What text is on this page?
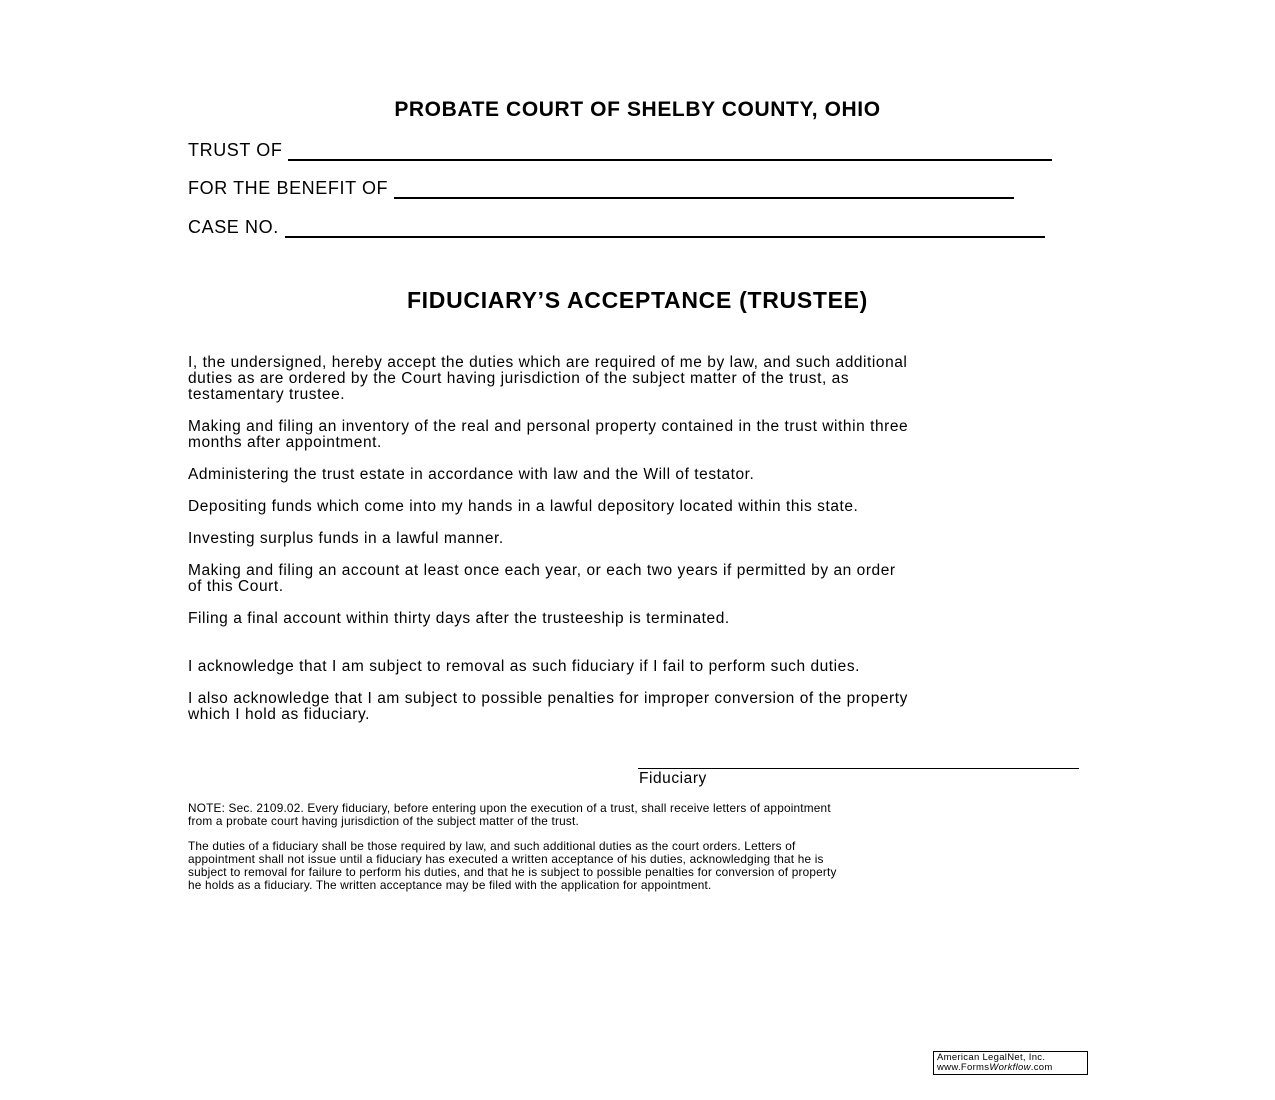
PROBATE COURT OF SHELBY COUNTY, OHIO
TRUST OF
FOR THE BENEFIT OF
CASE NO.
FIDUCIARY’S ACCEPTANCE (TRUSTEE)
I, the undersigned, hereby accept the duties which are required of me by law, and such additional
duties as are ordered by the Court having jurisdiction of the subject matter of the trust, as
testamentary trustee.
Making and filing an inventory of the real and personal property contained in the trust within three
months after appointment.
Administering the trust estate in accordance with law and the Will of testator.
Depositing funds which come into my hands in a lawful depository located within this state.
Investing surplus funds in a lawful manner.
Making and filing an account at least once each year, or each two years if permitted by an order
of this Court.
Filing a final account within thirty days after the trusteeship is terminated.
I acknowledge that I am subject to removal as such fiduciary if I fail to perform such duties.
I also acknowledge that I am subject to possible penalties for improper conversion of the property
which I hold as fiduciary.
Fiduciary
NOTE: Sec. 2109.02. Every fiduciary, before entering upon the execution of a trust, shall receive letters of appointment
from a probate court having jurisdiction of the subject matter of the trust.
The duties of a fiduciary shall be those required by law, and such additional duties as the court orders. Letters of
appointment shall not issue until a fiduciary has executed a written acceptance of his duties, acknowledging that he is
subject to removal for failure to perform his duties, and that he is subject to possible penalties for conversion of property
he holds as a fiduciary. The written acceptance may be filed with the application for appointment.
American LegalNet, Inc.
www.FormsWorkflow.com
